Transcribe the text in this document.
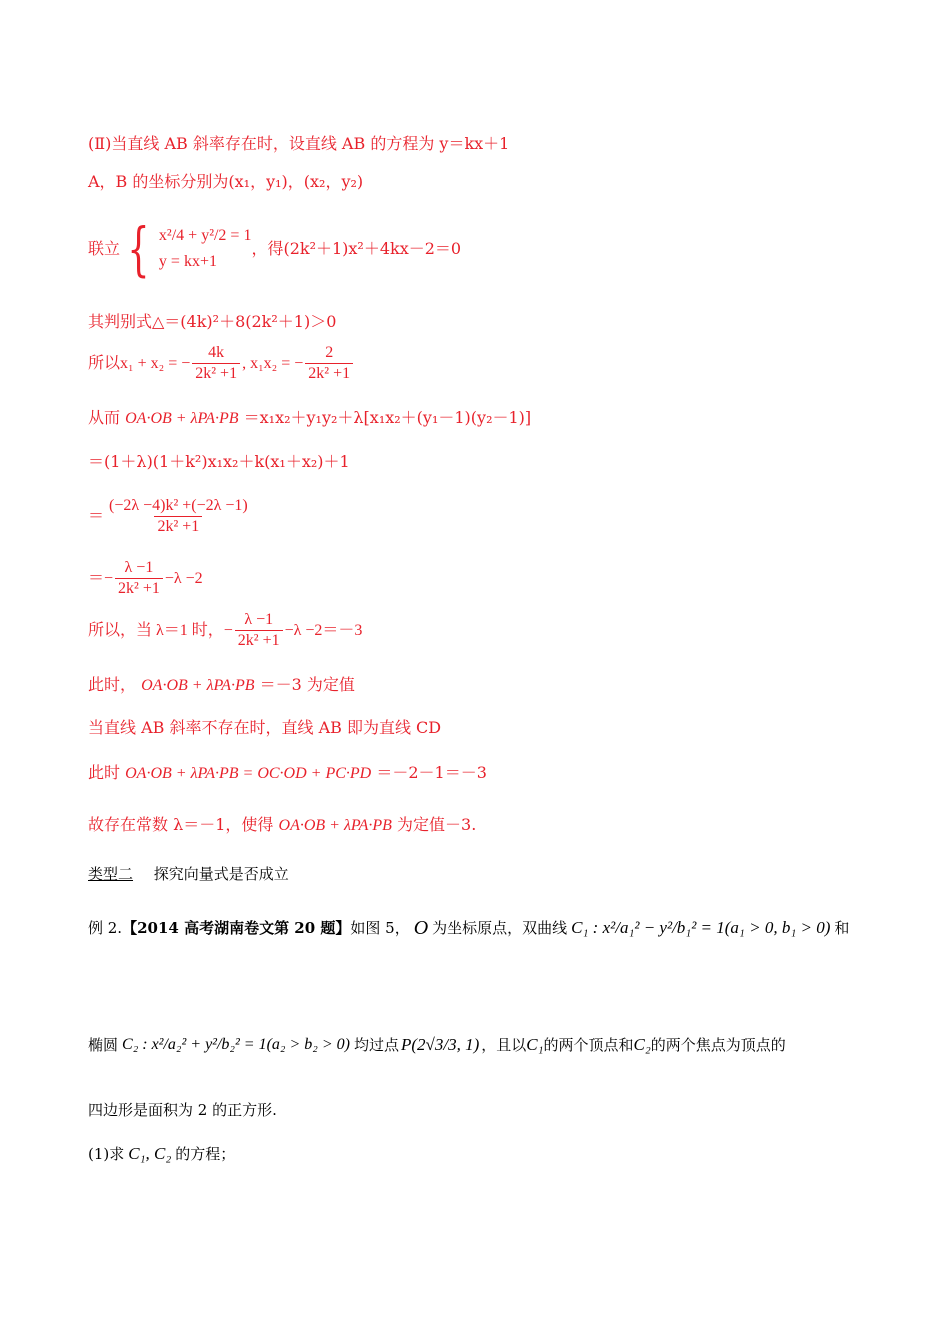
(Ⅱ)当直线 AB 斜率存在时，设直线 AB 的方程为 y＝kx＋1
A，B 的坐标分别为(x₁，y₁)，(x₂，y₂)
联立 { x²/4 + y²/2 = 1
y = kx+1
，得(2k²＋1)x²＋4kx－2＝0
其判别式△＝(4k)²＋8(2k²＋1)＞0
所以 x₁ + x₂ = − $\frac{4k}{\text{2k² +1}}$ , x₁x₂ = − $\frac{2}{\text{2k² +1}}$
从而 OA·OB + λPA·PB ＝x₁x₂＋y₁y₂＋λ[x₁x₂＋(y₁－1)(y₂－1)]
＝(1＋λ)(1＋k²)x₁x₂＋k(x₁＋x₂)＋1
＝ $\frac{\text{(−2λ −4)k² +(−2λ −1)}}{\text{2k² +1}}$
＝− $\frac{\lambda -1}{\text{2k² +1}} -\lambda -2$
所以，当 λ＝1 时，− $\frac{\lambda -1}{\text{2k² +1}} -\lambda -2=-3$
此时， OA·OB + λPA·PB ＝－3 为定值
当直线 AB 斜率不存在时，直线 AB 即为直线 CD
此时 OA·OB + λPA·PB = OC·OD + PC·PD ＝－2－1＝－3
故存在常数 λ＝－1，使得 OA·OB + λPA·PB 为定值－3.
类型二 探究向量式是否成立
例 2. 【2014 高考湖南卷文第 20 题】 如图 5， O 为坐标原点，双曲线 C₁ : x²/a₁² − y²/b₁² = 1(a₁ > 0, b₁ > 0) 和
椭圆 C₂ : x²/a₂² + y²/b₂² = 1(a₂ > b₂ > 0) 均过点 P(2√3/3, 1) ，且以 C₁ 的两个顶点和 C₂ 的两个焦点为顶点的
四边形是面积为 2 的正方形.
(1)求 C₁, C₂ 的方程；
